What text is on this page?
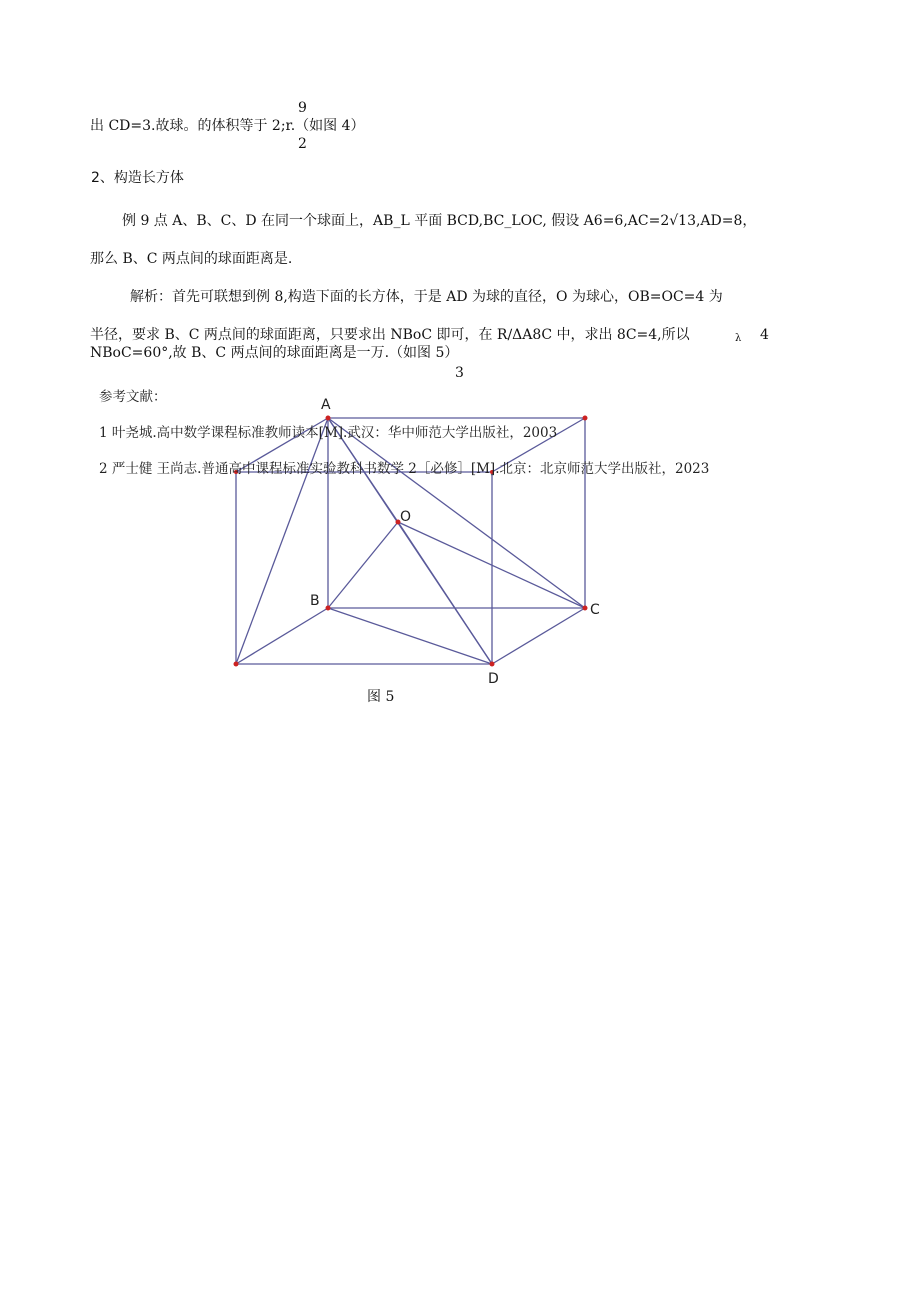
A
O
B
C
D
9
出 CD=3.故球。的体积等于 2;r.（如图 4）
2
2、构造长方体
例 9 点 A、B、C、D 在同一个球面上，AB_L 平面 BCD,BC_LOC, 假设 A6=6,AC=2√13,AD=8，
那么 B、C 两点间的球面距离是.
解析：首先可联想到例 8,构造下面的长方体，于是 AD 为球的直径，O 为球心，OB=OC=4 为
半径，要求 B、C 两点间的球面距离，只要求出 NBoC 即可，在 R∕ΔA8C 中，求出 8C=4,所以	λ 4
NBoC=60°,故 B、C 两点间的球面距离是一万.（如图 5）
3
参考文献：
1 叶尧城.高中数学课程标准教师读本[M].武汉：华中师范大学出版社，2003
2 严士健 王尚志.普通高中课程标准实验教科书数学 2［必修］[M].北京：北京师范大学出版社，2023
图 5
